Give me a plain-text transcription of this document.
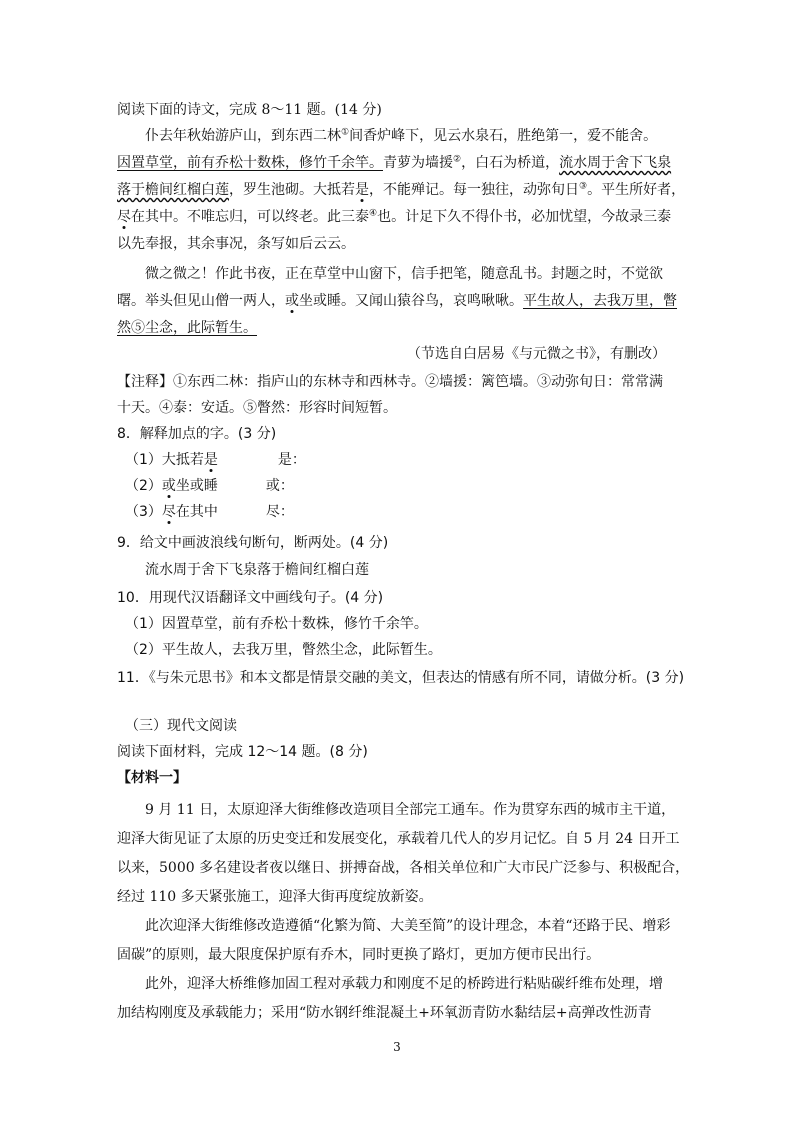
阅读下面的诗文，完成 8～11 题。(14 分)
仆去年秋始游庐山，到东西二林①间香炉峰下，见云水泉石，胜绝第一，爱不能舍。
因置草堂，前有乔松十数株，修竹千余竿。青萝为墙援②，白石为桥道，流水周于舍下飞泉
落于檐间红榴白莲，罗生池砌。大抵若是，不能殚记。每一独往，动弥旬日③。平生所好者，
尽在其中。不唯忘归，可以终老。此三泰④也。计足下久不得仆书，必加忧望，今故录三泰
以先奉报，其余事况，条写如后云云。
微之微之！作此书夜，正在草堂中山窗下，信手把笔，随意乱书。封题之时，不觉欲
曙。举头但见山僧一两人，或坐或睡。又闻山猿谷鸟，哀鸣啾啾。平生故人，去我万里，瞥
然⑤尘念，此际暂生。
（节选自白居易《与元微之书》，有删改）
【注释】①东西二林：指庐山的东林寺和西林寺。②墙援：篱笆墙。③动弥旬日：常常满
十天。④泰：安适。⑤瞥然：形容时间短暂。
8．解释加点的字。(3 分)
（1）大抵若是	是：
（2）或坐或睡	或：
（3）尽在其中	尽：
9．给文中画波浪线句断句，断两处。(4 分)
流水周于舍下飞泉落于檐间红榴白莲
10．用现代汉语翻译文中画线句子。(4 分)
（1）因置草堂，前有乔松十数株，修竹千余竿。
（2）平生故人，去我万里，瞥然尘念，此际暂生。
11．《与朱元思书》和本文都是情景交融的美文，但表达的情感有所不同，请做分析。(3 分)
（三）现代文阅读
阅读下面材料，完成 12～14 题。(8 分)
【材料一】
9 月 11 日，太原迎泽大街维修改造项目全部完工通车。作为贯穿东西的城市主干道，
迎泽大街见证了太原的历史变迁和发展变化，承载着几代人的岁月记忆。自 5 月 24 日开工
以来，5000 多名建设者夜以继日、拼搏奋战，各相关单位和广大市民广泛参与、积极配合，
经过 110 多天紧张施工，迎泽大街再度绽放新姿。
此次迎泽大街维修改造遵循“化繁为简、大美至简”的设计理念，本着“还路于民、增彩
固碳”的原则，最大限度保护原有乔木，同时更换了路灯，更加方便市民出行。
此外，迎泽大桥维修加固工程对承载力和刚度不足的桥跨进行粘贴碳纤维布处理，增
加结构刚度及承载能力；采用“防水钢纤维混凝土+环氧沥青防水黏结层+高弹改性沥青
3
